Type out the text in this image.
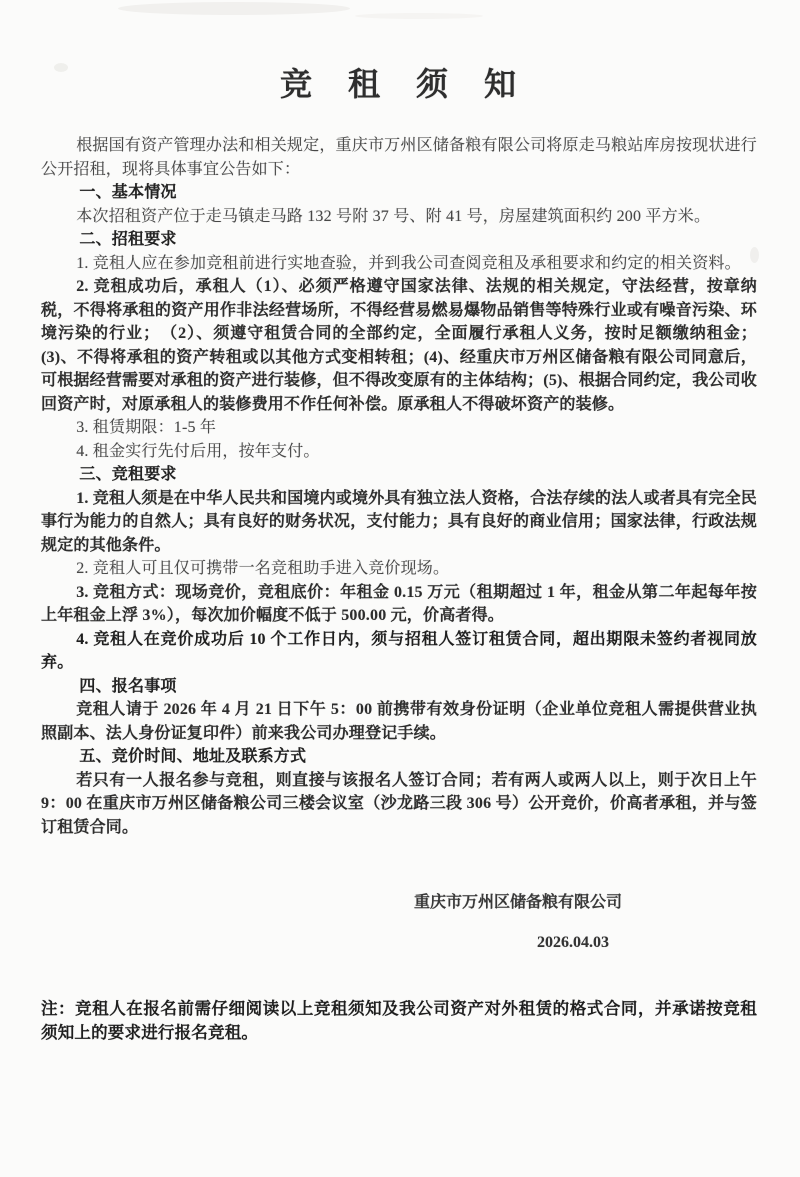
竞　租　须　知

根据国有资产管理办法和相关规定，重庆市万州区储备粮有限公司将原走马粮站库房按现状进行公开招租，现将具体事宜公告如下：

一、基本情况

本次招租资产位于走马镇走马路 132 号附 37 号、附 41 号，房屋建筑面积约 200 平方米。

二、招租要求

1. 竞租人应在参加竞租前进行实地查验，并到我公司查阅竞租及承租要求和约定的相关资料。

2. 竞租成功后，承租人（1）、必须严格遵守国家法律、法规的相关规定，守法经营，按章纳税，不得将承租的资产用作非法经营场所，不得经营易燃易爆物品销售等特殊行业或有噪音污染、环境污染的行业；　（2）、须遵守租赁合同的全部约定，全面履行承租人义务，按时足额缴纳租金；(3)、不得将承租的资产转租或以其他方式变相转租；(4)、经重庆市万州区储备粮有限公司同意后，可根据经营需要对承租的资产进行装修，但不得改变原有的主体结构；(5)、根据合同约定，我公司收回资产时，对原承租人的装修费用不作任何补偿。原承租人不得破坏资产的装修。

3. 租赁期限：1-5 年

4. 租金实行先付后用，按年支付。

三、竞租要求

1. 竞租人须是在中华人民共和国境内或境外具有独立法人资格，合法存续的法人或者具有完全民事行为能力的自然人；具有良好的财务状况，支付能力；具有良好的商业信用；国家法律，行政法规规定的其他条件。

2. 竞租人可且仅可携带一名竞租助手进入竞价现场。

3. 竞租方式：现场竞价，竞租底价：年租金 0.15 万元（租期超过 1 年，租金从第二年起每年按上年租金上浮 3%），每次加价幅度不低于 500.00 元，价高者得。

4. 竞租人在竞价成功后 10 个工作日内，须与招租人签订租赁合同，超出期限未签约者视同放弃。

四、报名事项

竞租人请于 2026 年 4 月 21 日下午 5：00 前携带有效身份证明（企业单位竞租人需提供营业执照副本、法人身份证复印件）前来我公司办理登记手续。

五、竞价时间、地址及联系方式

若只有一人报名参与竞租，则直接与该报名人签订合同；若有两人或两人以上，则于次日上午 9：00 在重庆市万州区储备粮公司三楼会议室（沙龙路三段 306 号）公开竞价，价高者承租，并与签订租赁合同。

重庆市万州区储备粮有限公司

2026.04.03

注：竞租人在报名前需仔细阅读以上竞租须知及我公司资产对外租赁的格式合同，并承诺按竞租须知上的要求进行报名竞租。
